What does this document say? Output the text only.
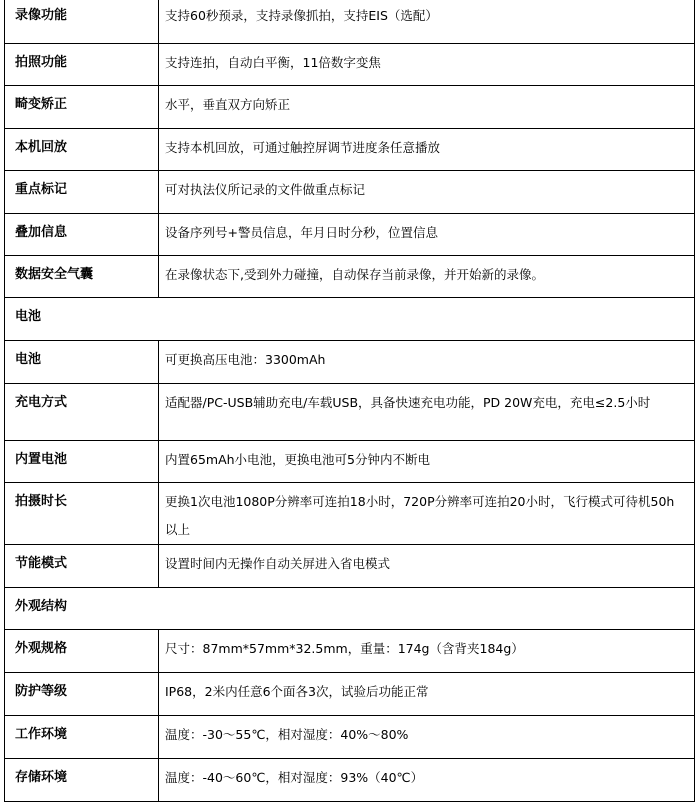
录像功能	支持60秒预录，支持录像抓拍，支持EIS（选配）

拍照功能	支持连拍，自动白平衡，11倍数字变焦

畸变矫正	水平，垂直双方向矫正

本机回放	支持本机回放，可通过触控屏调节进度条任意播放

重点标记	可对执法仪所记录的文件做重点标记

叠加信息	设备序列号+警员信息，年月日时分秒，位置信息

数据安全气囊	在录像状态下,受到外力碰撞，自动保存当前录像，并开始新的录像。

电池	
电池	可更换高压电池：3300mAh

充电方式	适配器/PC-USB辅助充电/车载USB，具备快速充电功能，PD 20W充电，充电≤2.5小时

内置电池	内置65mAh小电池，更换电池可5分钟内不断电

拍摄时长	更换1次电池1080P分辨率可连拍18小时，720P分辨率可连拍20小时，飞行模式可待机50h以上

节能模式	设置时间内无操作自动关屏进入省电模式

外观结构	
外观规格	尺寸：87mm*57mm*32.5mm，重量：174g（含背夹184g）

防护等级	IP68，2米内任意6个面各3次，试验后功能正常

工作环境	温度：-30～55℃，相对湿度：40%～80%

存储环境	温度：-40～60℃，相对湿度：93%（40℃）
